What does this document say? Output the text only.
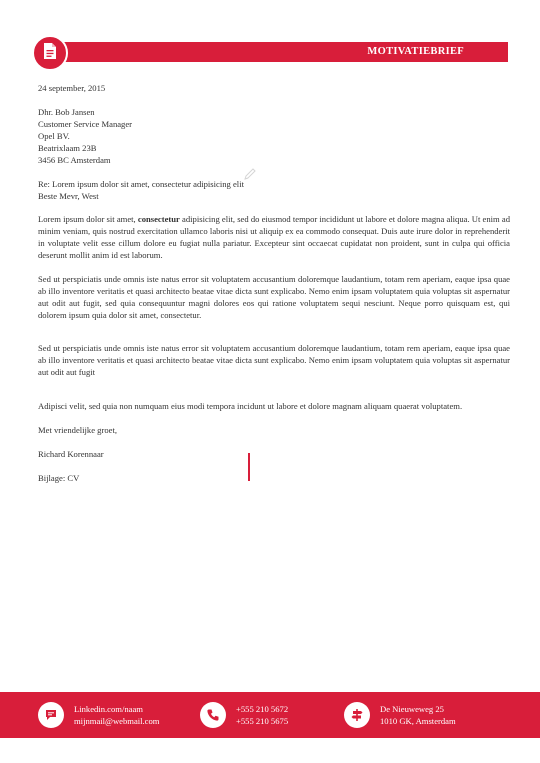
MOTIVATIEBRIEF

24 september, 2015

Dhr. Bob Jansen

Customer Service Manager

Opel BV.

Beatrixlaam 23B

3456 BC Amsterdam

Re: Lorem ipsum dolor sit amet, consectetur adipisicing elit

Beste Mevr, West

Lorem ipsum dolor sit amet, consectetur adipisicing elit, sed do eiusmod tempor incididunt ut labore et dolore magna aliqua. Ut enim ad minim veniam, quis nostrud exercitation ullamco laboris nisi ut aliquip ex ea commodo consequat. Duis aute irure dolor in reprehenderit in voluptate velit esse cillum dolore eu fugiat nulla pariatur. Excepteur sint occaecat cupidatat non proident, sunt in culpa qui officia deserunt mollit anim id est laborum.

Sed ut perspiciatis unde omnis iste natus error sit voluptatem accusantium doloremque laudantium, totam rem aperiam, eaque ipsa quae ab illo inventore veritatis et quasi architecto beatae vitae dicta sunt explicabo. Nemo enim ipsam voluptatem quia voluptas sit aspernatur aut odit aut fugit, sed quia consequuntur magni dolores eos qui ratione voluptatem sequi nesciunt. Neque porro quisquam est, qui dolorem ipsum quia dolor sit amet, consectetur.

Sed ut perspiciatis unde omnis iste natus error sit voluptatem accusantium doloremque laudantium, totam rem aperiam, eaque ipsa quae ab illo inventore veritatis et quasi architecto beatae vitae dicta sunt explicabo. Nemo enim ipsam voluptatem quia voluptas sit aspernatur aut odit aut fugit

Adipisci velit, sed quia non numquam eius modi tempora incidunt ut labore et dolore magnam aliquam quaerat voluptatem.

Met vriendelijke groet,

Richard Korennaar

Bijlage: CV

Linkedin.com/naam
mijnmail@webmail.com
+555 210 5672
+555 210 5675
De Nieuweweg 25
1010 GK, Amsterdam
